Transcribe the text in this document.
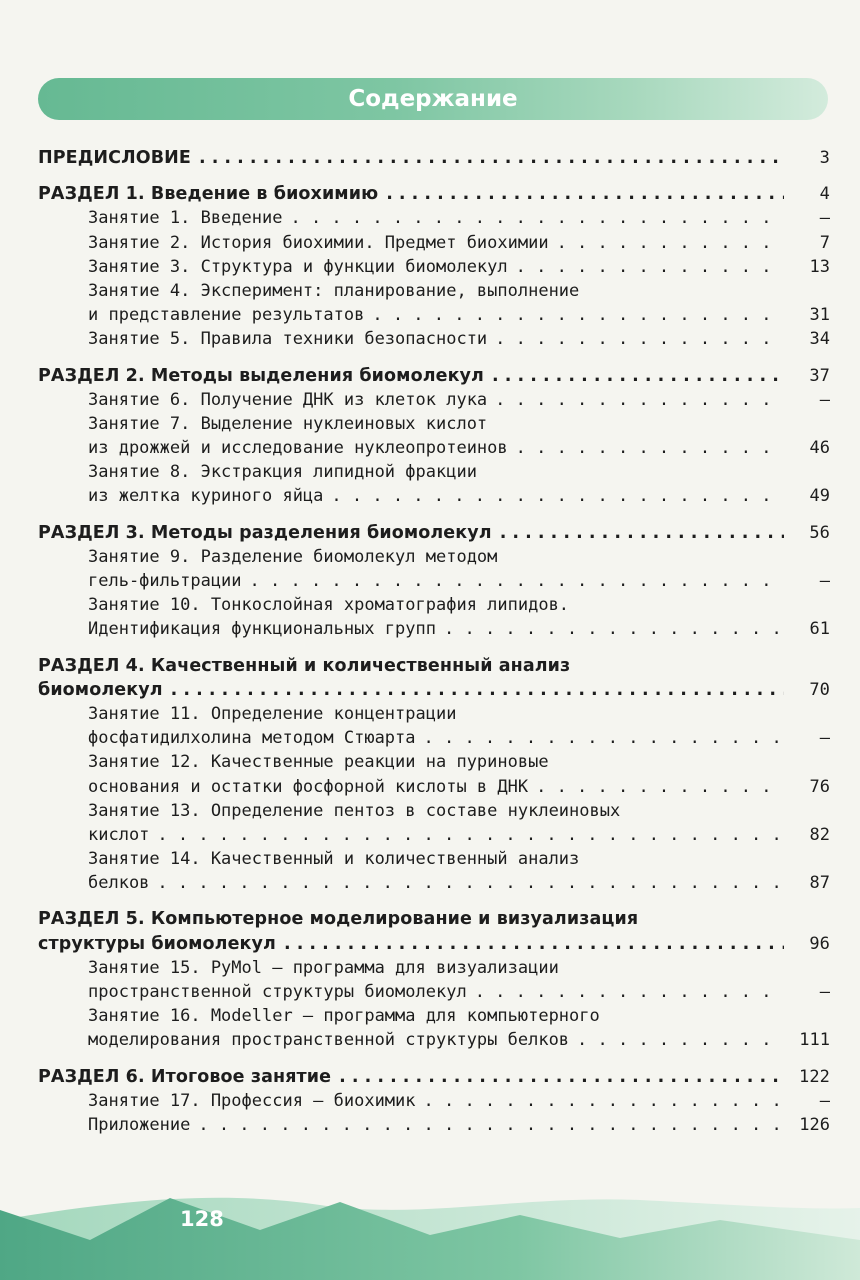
Содержание
ПРЕДИСЛОВИЕ . . .	3
РАЗДЕЛ 1. Введение в биохимию . . .	4
Занятие 1. Введение . . .	—
Занятие 2. История биохимии. Предмет биохимии . . .	7
Занятие 3. Структура и функции биомолекул . . .	13
Занятие 4. Эксперимент: планирование, выполнение
и представление результатов . . .	31
Занятие 5. Правила техники безопасности . . .	34
РАЗДЕЛ 2. Методы выделения биомолекул . . .	37
Занятие 6. Получение ДНК из клеток лука . . .	—
Занятие 7. Выделение нуклеиновых кислот
из дрожжей и исследование нуклеопротеинов . . .	46
Занятие 8. Экстракция липидной фракции
из желтка куриного яйца . . .	49
РАЗДЕЛ 3. Методы разделения биомолекул . . .	56
Занятие 9. Разделение биомолекул методом
гель-фильтрации . . .	—
Занятие 10. Тонкослойная хроматография липидов.
Идентификация функциональных групп . . .	61
РАЗДЕЛ 4. Качественный и количественный анализ
биомолекул . . .	70
Занятие 11. Определение концентрации
фосфатидилхолина методом Стюарта . . .	—
Занятие 12. Качественные реакции на пуриновые
основания и остатки фосфорной кислоты в ДНК . . .	76
Занятие 13. Определение пентоз в составе нуклеиновых
кислот . . .	82
Занятие 14. Качественный и количественный анализ
белков . . .	87
РАЗДЕЛ 5. Компьютерное моделирование и визуализация
структуры биомолекул . . .	96
Занятие 15. PyMol — программа для визуализации
пространственной структуры биомолекул . . .	—
Занятие 16. Modeller — программа для компьютерного
моделирования пространственной структуры белков . . .	111
РАЗДЕЛ 6. Итоговое занятие . . .	122
Занятие 17. Профессия — биохимик . . .	—
Приложение . . .	126
128
